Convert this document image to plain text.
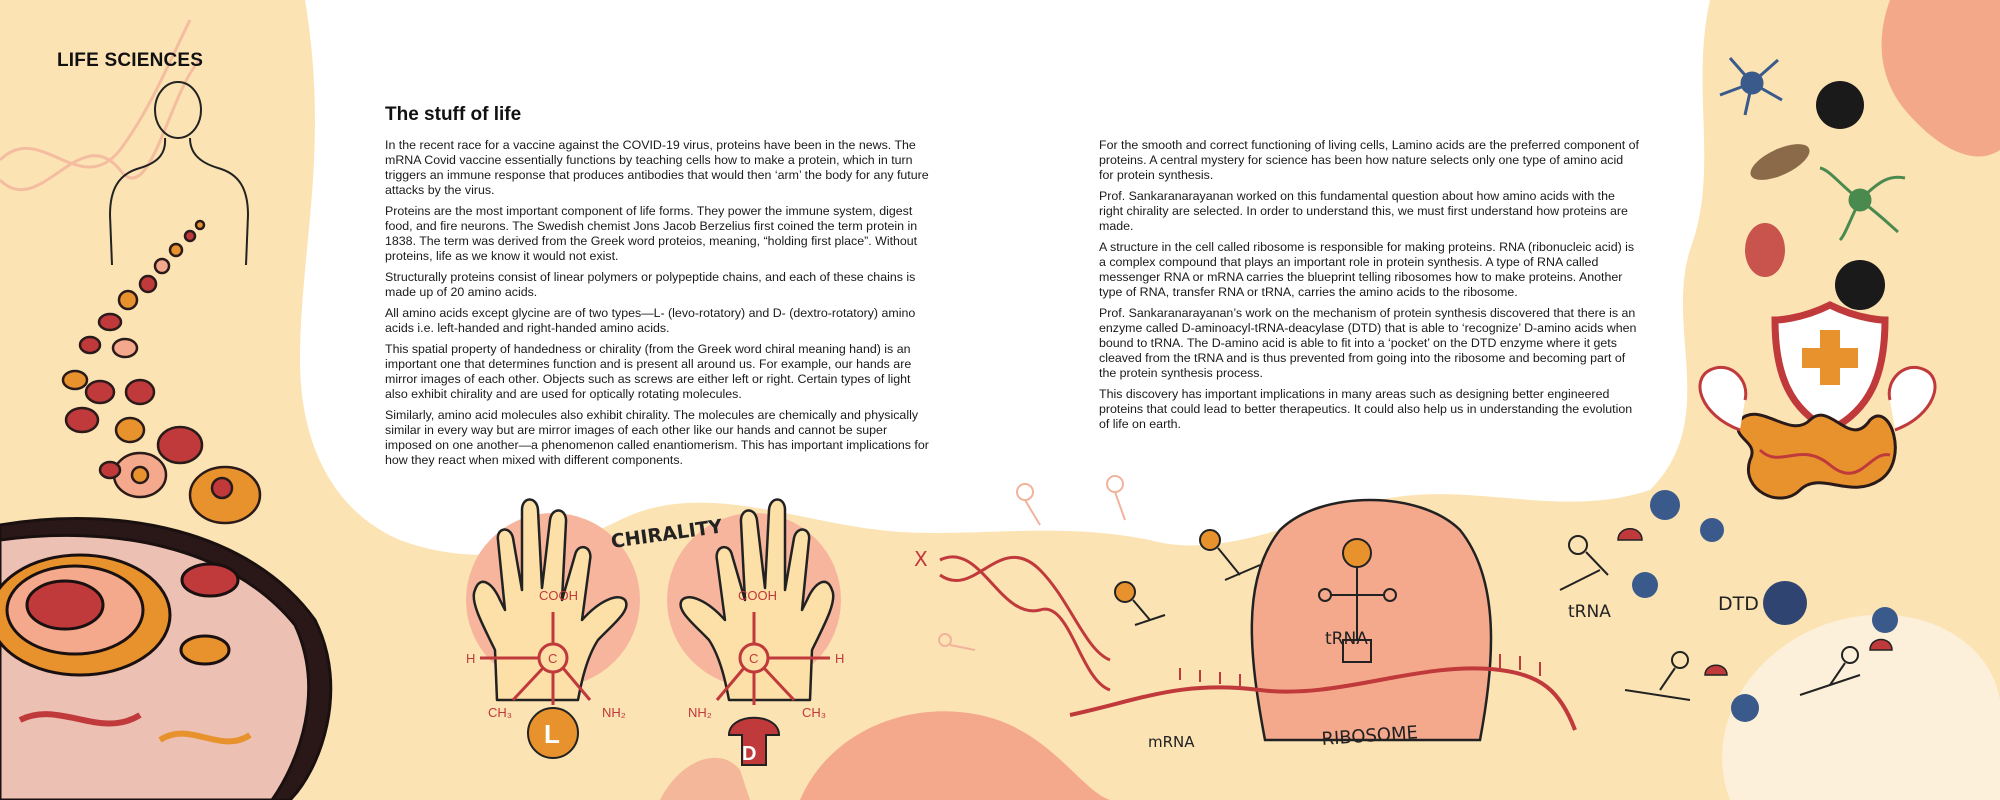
LIFE SCIENCES
The stuff of life

In the recent race for a vaccine against the COVID-19 virus, proteins have been in the news. The mRNA Covid vaccine essentially functions by teaching cells how to make a protein, which in turn triggers an immune response that produces antibodies that would then ‘arm’ the body for any future attacks by the virus.

Proteins are the most important component of life forms. They power the immune system, digest food, and fire neurons. The Swedish chemist Jons Jacob Berzelius first coined the term protein in 1838. The term was derived from the Greek word proteios, meaning, “holding first place”. Without proteins, life as we know it would not exist.

Structurally proteins consist of linear polymers or polypeptide chains, and each of these chains is made up of 20 amino acids.

All amino acids except glycine are of two types—L- (levo-rotatory) and D- (dextro-rotatory) amino acids i.e. left-handed and right-handed amino acids.

This spatial property of handedness or chirality (from the Greek word chiral meaning hand) is an important one that determines function and is present all around us. For example, our hands are mirror images of each other. Objects such as screws are either left or right. Certain types of light also exhibit chirality and are used for optically rotating molecules.

Similarly, amino acid molecules also exhibit chirality. The molecules are chemically and physically similar in every way but are mirror images of each other like our hands and cannot be super imposed on one another—a phenomenon called enantiomerism. This has important implications for how they react when mixed with different components.

For the smooth and correct functioning of living cells, Lamino acids are the preferred component of proteins. A central mystery for science has been how nature selects only one type of amino acid for protein synthesis.

Prof. Sankaranarayanan worked on this fundamental question about how amino acids with the right chirality are selected. In order to understand this, we must first understand how proteins are made.

A structure in the cell called ribosome is responsible for making proteins. RNA (ribonucleic acid) is a complex compound that plays an important role in protein synthesis. A type of RNA called messenger RNA or mRNA carries the blueprint telling ribosomes how to make proteins. Another type of RNA, transfer RNA or tRNA, carries the amino acids to the ribosome.

Prof. Sankaranarayanan’s work on the mechanism of protein synthesis discovered that there is an enzyme called D-aminoacyl-tRNA-deacylase (DTD) that is able to ‘recognize’ D-amino acids when bound to tRNA. The D-amino acid is able to fit into a ‘pocket’ on the DTD enzyme where it gets cleaved from the tRNA and is thus prevented from going into the ribosome and becoming part of the protein synthesis process.

This discovery has important implications in many areas such as designing better engineered proteins that could lead to better therapeutics. It could also help us in understanding the evolution of life on earth.

CHIRALITY
COOH	COOH
C	C
H	H
CH₃	NH₂	NH₂	CH₃
L
D
X
tRNA
mRNA	RIBOSOME
tRNA	DTD
